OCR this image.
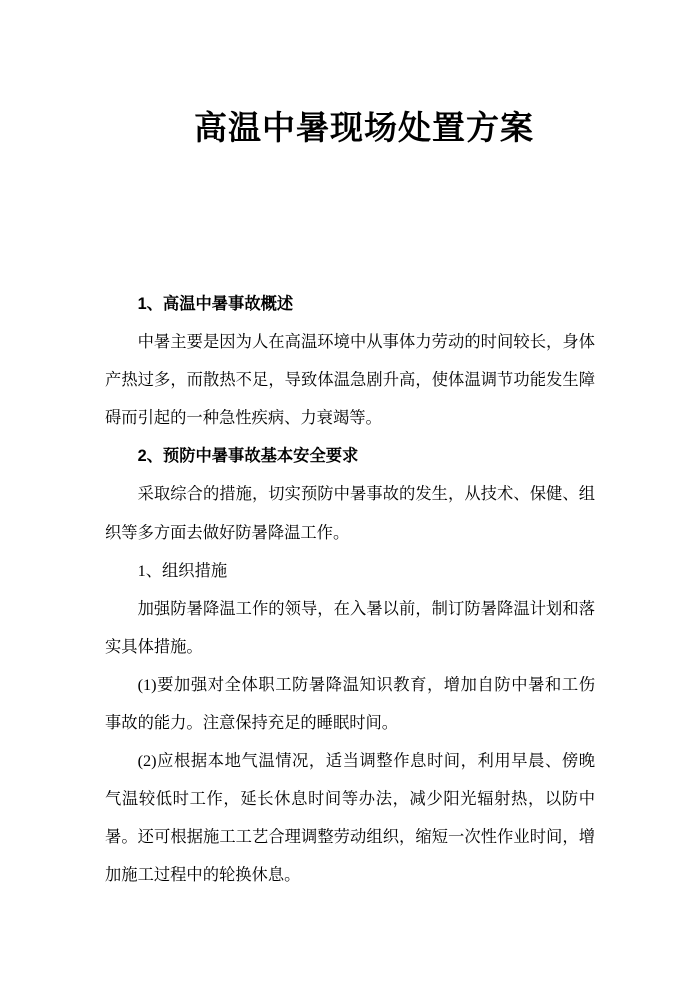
高温中暑现场处置方案
1、高温中暑事故概述

中暑主要是因为人在高温环境中从事体力劳动的时间较长，身体产热过多，而散热不足，导致体温急剧升高，使体温调节功能发生障碍而引起的一种急性疾病、力衰竭等。

2、预防中暑事故基本安全要求

采取综合的措施，切实预防中暑事故的发生，从技术、保健、组织等多方面去做好防暑降温工作。

1、组织措施

加强防暑降温工作的领导，在入暑以前，制订防暑降温计划和落实具体措施。

(1)要加强对全体职工防暑降温知识教育，增加自防中暑和工伤事故的能力。注意保持充足的睡眠时间。

(2)应根据本地气温情况，适当调整作息时间，利用早晨、傍晚气温较低时工作，延长休息时间等办法，减少阳光辐射热，以防中暑。还可根据施工工艺合理调整劳动组织，缩短一次性作业时间，增加施工过程中的轮换休息。
